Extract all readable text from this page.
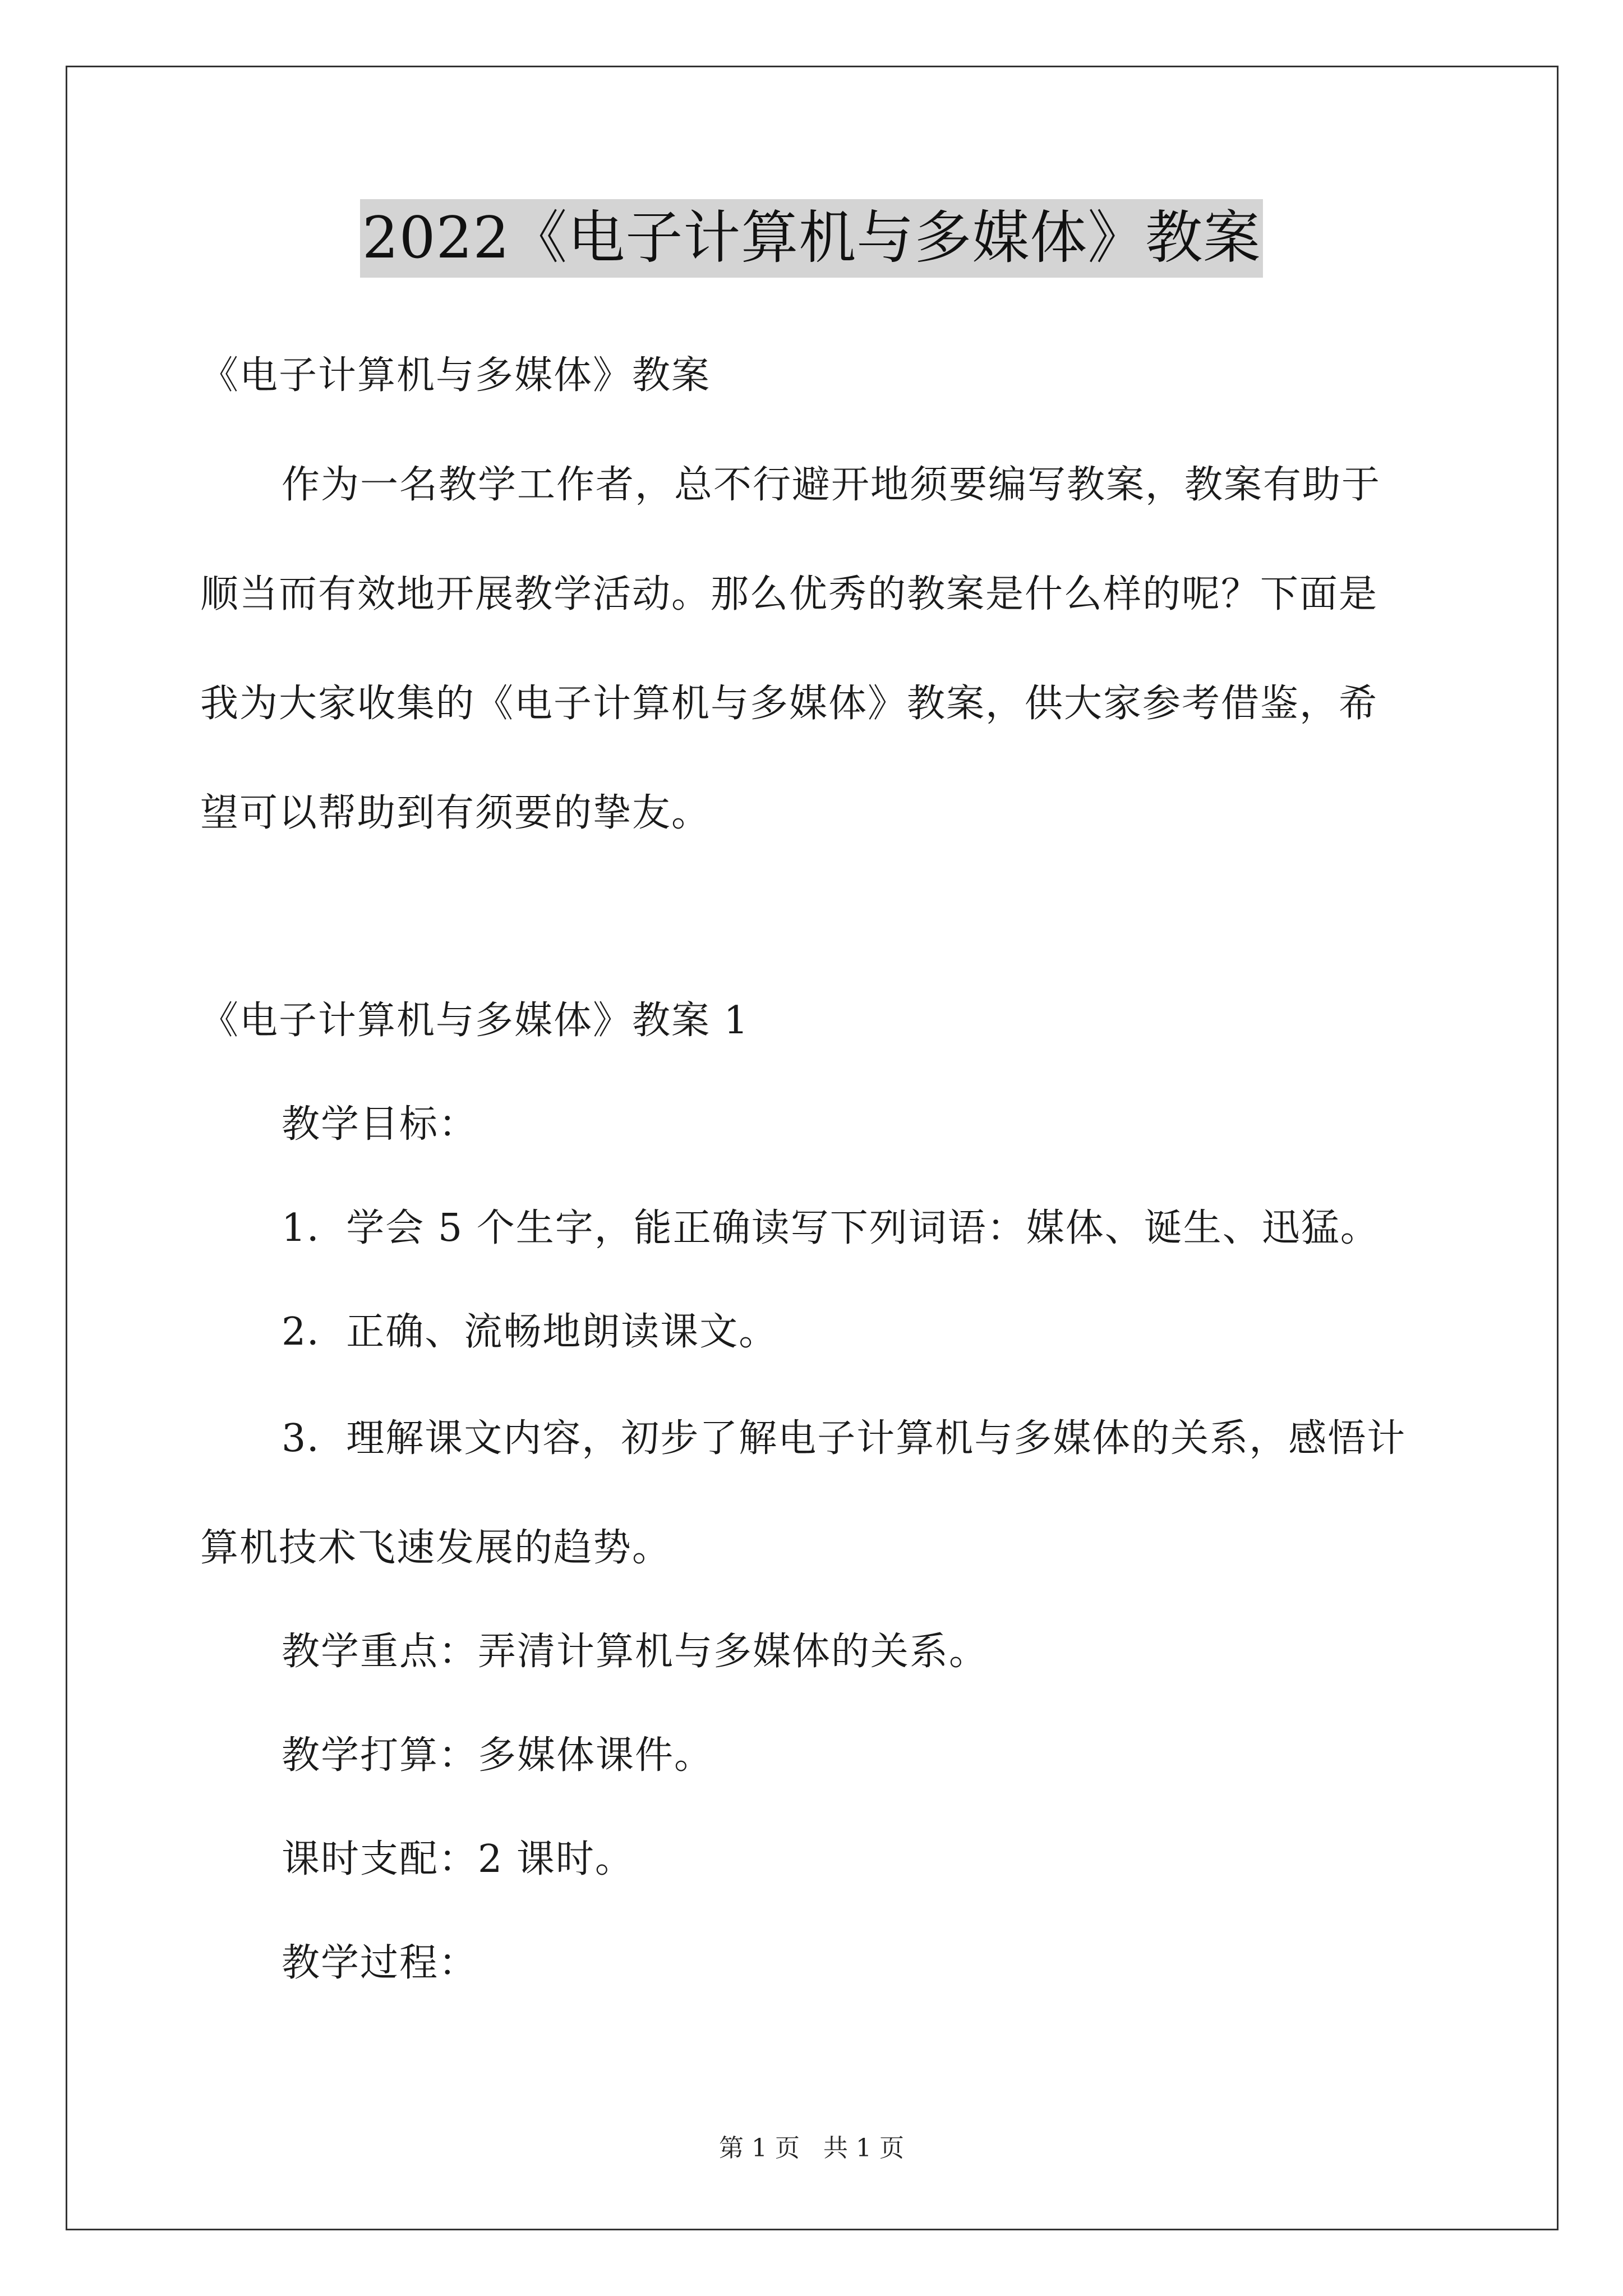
2022《电子计算机与多媒体》教案
《电子计算机与多媒体》教案
作为一名教学工作者，总不行避开地须要编写教案，教案有助于
顺当而有效地开展教学活动。那么优秀的教案是什么样的呢？下面是
我为大家收集的《电子计算机与多媒体》教案，供大家参考借鉴，希
望可以帮助到有须要的挚友。
《电子计算机与多媒体》教案 1
教学目标：
1．学会 5 个生字，能正确读写下列词语：媒体、诞生、迅猛。
2．正确、流畅地朗读课文。
3．理解课文内容，初步了解电子计算机与多媒体的关系，感悟计
算机技术飞速发展的趋势。
教学重点：弄清计算机与多媒体的关系。
教学打算：多媒体课件。
课时支配：2 课时。
教学过程：
第 1 页 共 1 页
